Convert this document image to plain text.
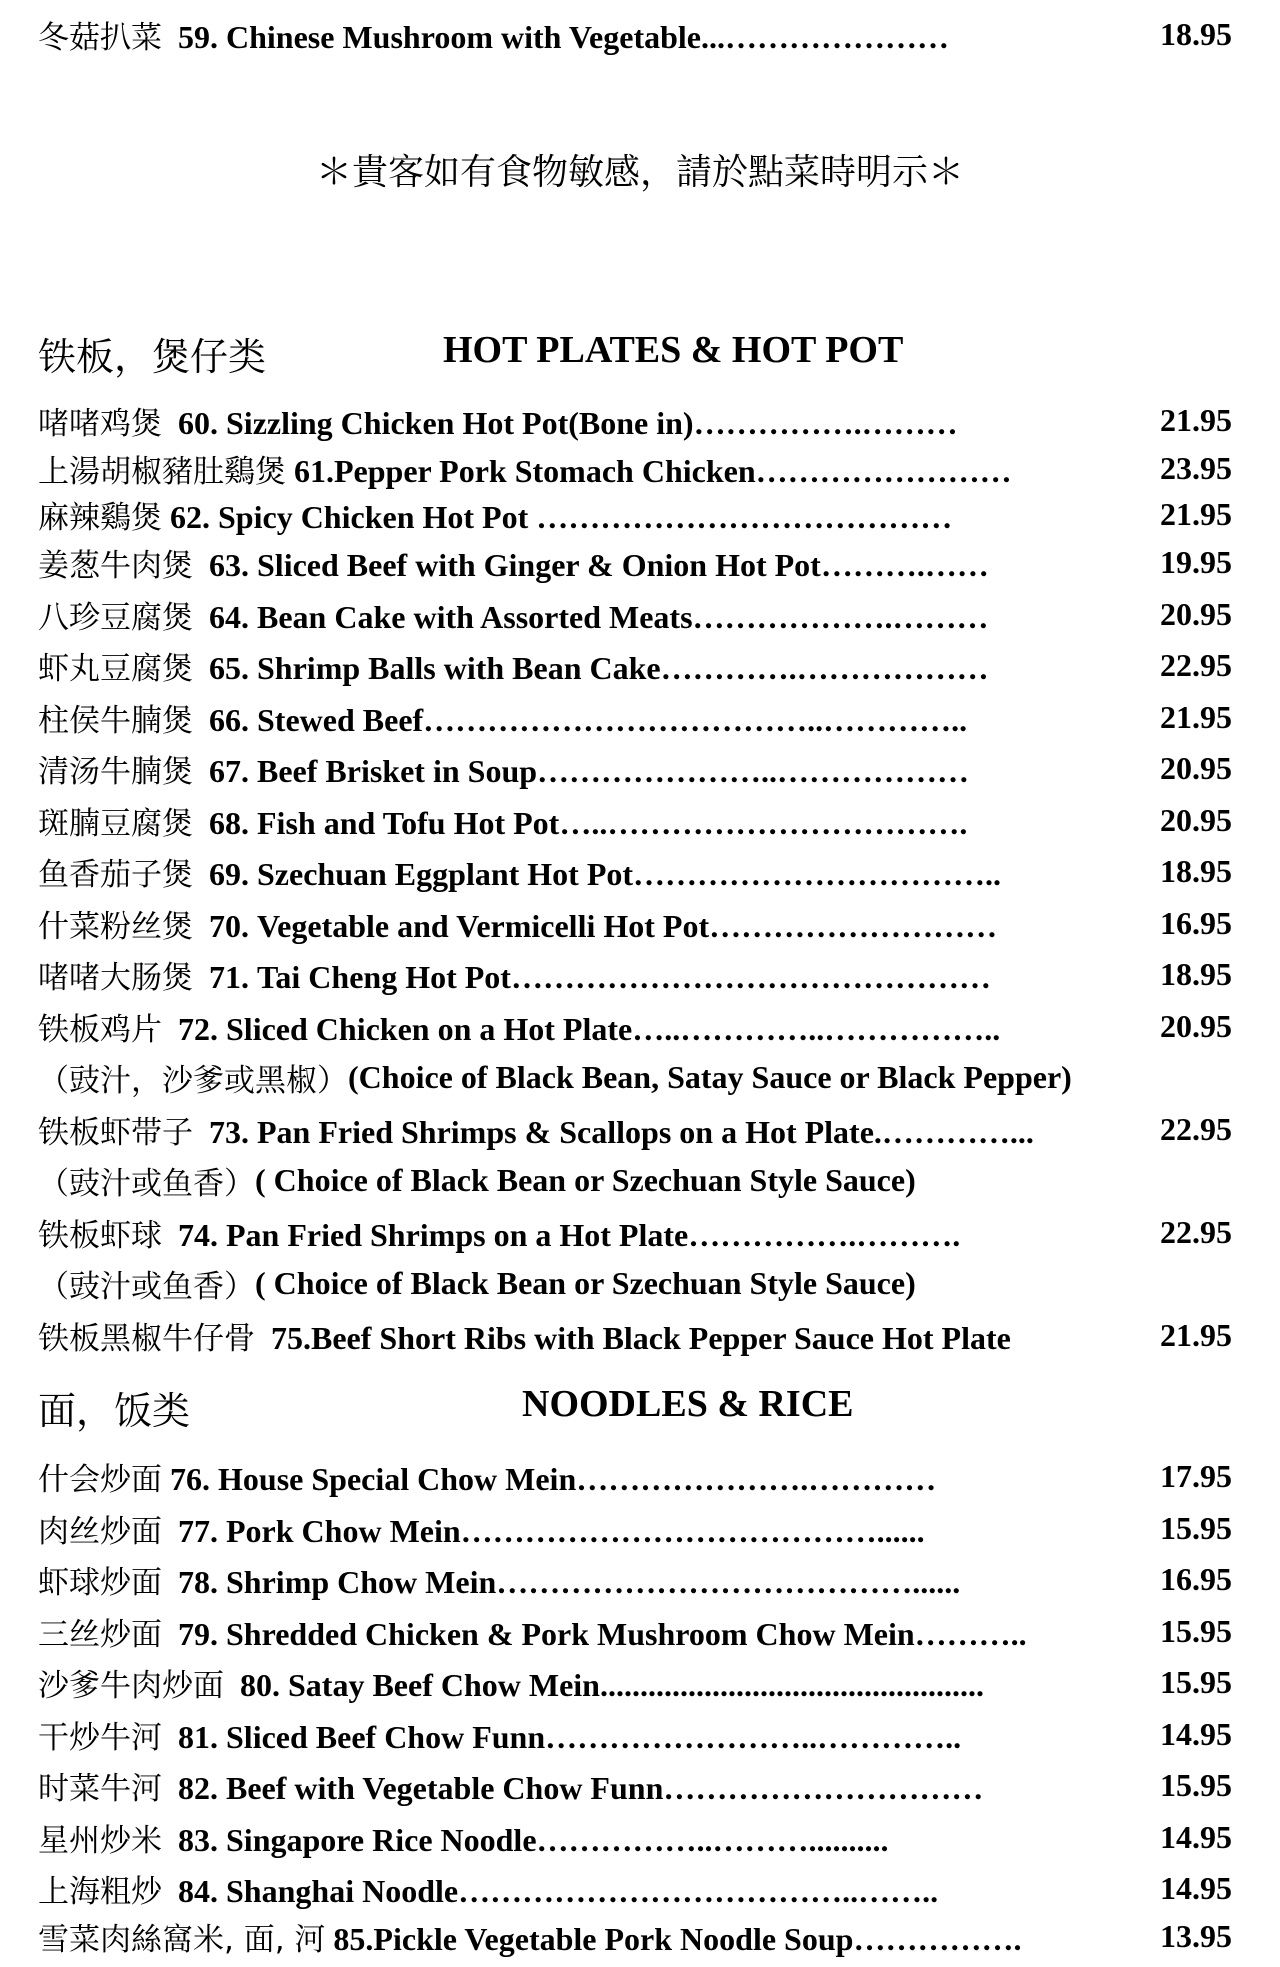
冬菇扒菜 59. Chinese Mushroom with Vegetable...…………………	18.95
＊貴客如有食物敏感，請於點菜時明示＊
铁板，煲仔类	HOT PLATES & HOT POT
啫啫鸡煲 60. Sizzling Chicken Hot Pot(Bone in)…………….………	21.95
上湯胡椒豬肚鷄煲 61.Pepper Pork Stomach Chicken……………………	23.95
麻辣鷄煲 62. Spicy Chicken Hot Pot …………………………………	21.95
姜葱牛肉煲 63. Sliced Beef with Ginger & Onion Hot Pot……….……	19.95
八珍豆腐煲 64. Bean Cake with Assorted Meats……………….………	20.95
虾丸豆腐煲 65. Shrimp Balls with Bean Cake………….………………	22.95
柱侯牛腩煲 66. Stewed Beef………………………………..…………..	21.95
清汤牛腩煲 67. Beef Brisket in Soup…………………..………………	20.95
斑腩豆腐煲 68. Fish and Tofu Hot Pot…..…………………………….	20.95
鱼香茄子煲 69. Szechuan Eggplant Hot Pot……………………………..	18.95
什菜粉丝煲 70. Vegetable and Vermicelli Hot Pot………………………	16.95
啫啫大肠煲 71. Tai Cheng Hot Pot………………………………………	18.95
铁板鸡片 72. Sliced Chicken on a Hot Plate…..…………..……………..	20.95
（豉汁，沙爹或黑椒） (Choice of Black Bean, Satay Sauce or Black Pepper)
铁板虾带子 73. Pan Fried Shrimps & Scallops on a Hot Plate.…………...	22.95
（豉汁或鱼香） ( Choice of Black Bean or Szechuan Style Sauce)
铁板虾球 74. Pan Fried Shrimps on a Hot Plate…………….……….	22.95
（豉汁或鱼香） ( Choice of Black Bean or Szechuan Style Sauce)
铁板黑椒牛仔骨 75.Beef Short Ribs with Black Pepper Sauce Hot Plate	21.95
面，饭类	NOODLES & RICE
什会炒面 76. House Special Chow Mein………………….…………	17.95
肉丝炒面 77. Pork Chow Mein…………………………………......	15.95
虾球炒面 78. Shrimp Chow Mein…………………………………......	16.95
三丝炒面 79. Shredded Chicken & Pork Mushroom Chow Mein………..	15.95
沙爹牛肉炒面 80. Satay Beef Chow Mein................................................	15.95
干炒牛河 81. Sliced Beef Chow Funn……………………..…………..	14.95
时菜牛河 82. Beef with Vegetable Chow Funn…………………………	15.95
星州炒米 83. Singapore Rice Noodle……………..………..........	14.95
上海粗炒 84. Shanghai Noodle………………………………..……..	14.95
雪菜肉絲窩米, 面, 河 85.Pickle Vegetable Pork Noodle Soup…………….	13.95
